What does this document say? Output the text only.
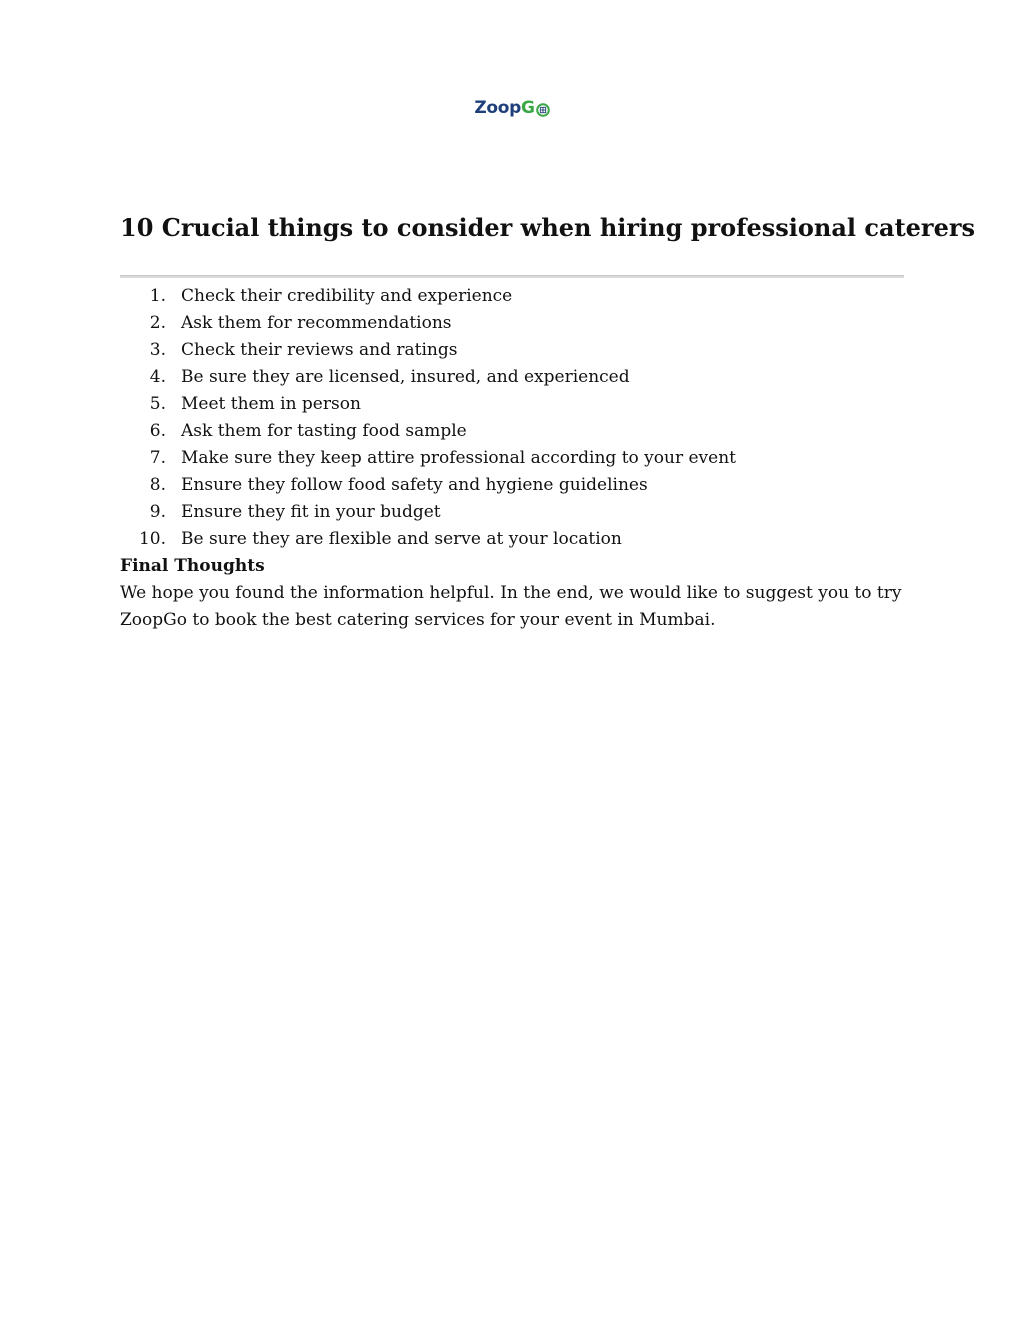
ZoopG
10 Crucial things to consider when hiring professional caterers
1. Check their credibility and experience
2. Ask them for recommendations
3. Check their reviews and ratings
4. Be sure they are licensed, insured, and experienced
5. Meet them in person
6. Ask them for tasting food sample
7. Make sure they keep attire professional according to your event
8. Ensure they follow food safety and hygiene guidelines
9. Ensure they fit in your budget
10. Be sure they are flexible and serve at your location
Final Thoughts

We hope you found the information helpful. In the end, we would like to suggest you to try
ZoopGo to book the best catering services for your event in Mumbai.
